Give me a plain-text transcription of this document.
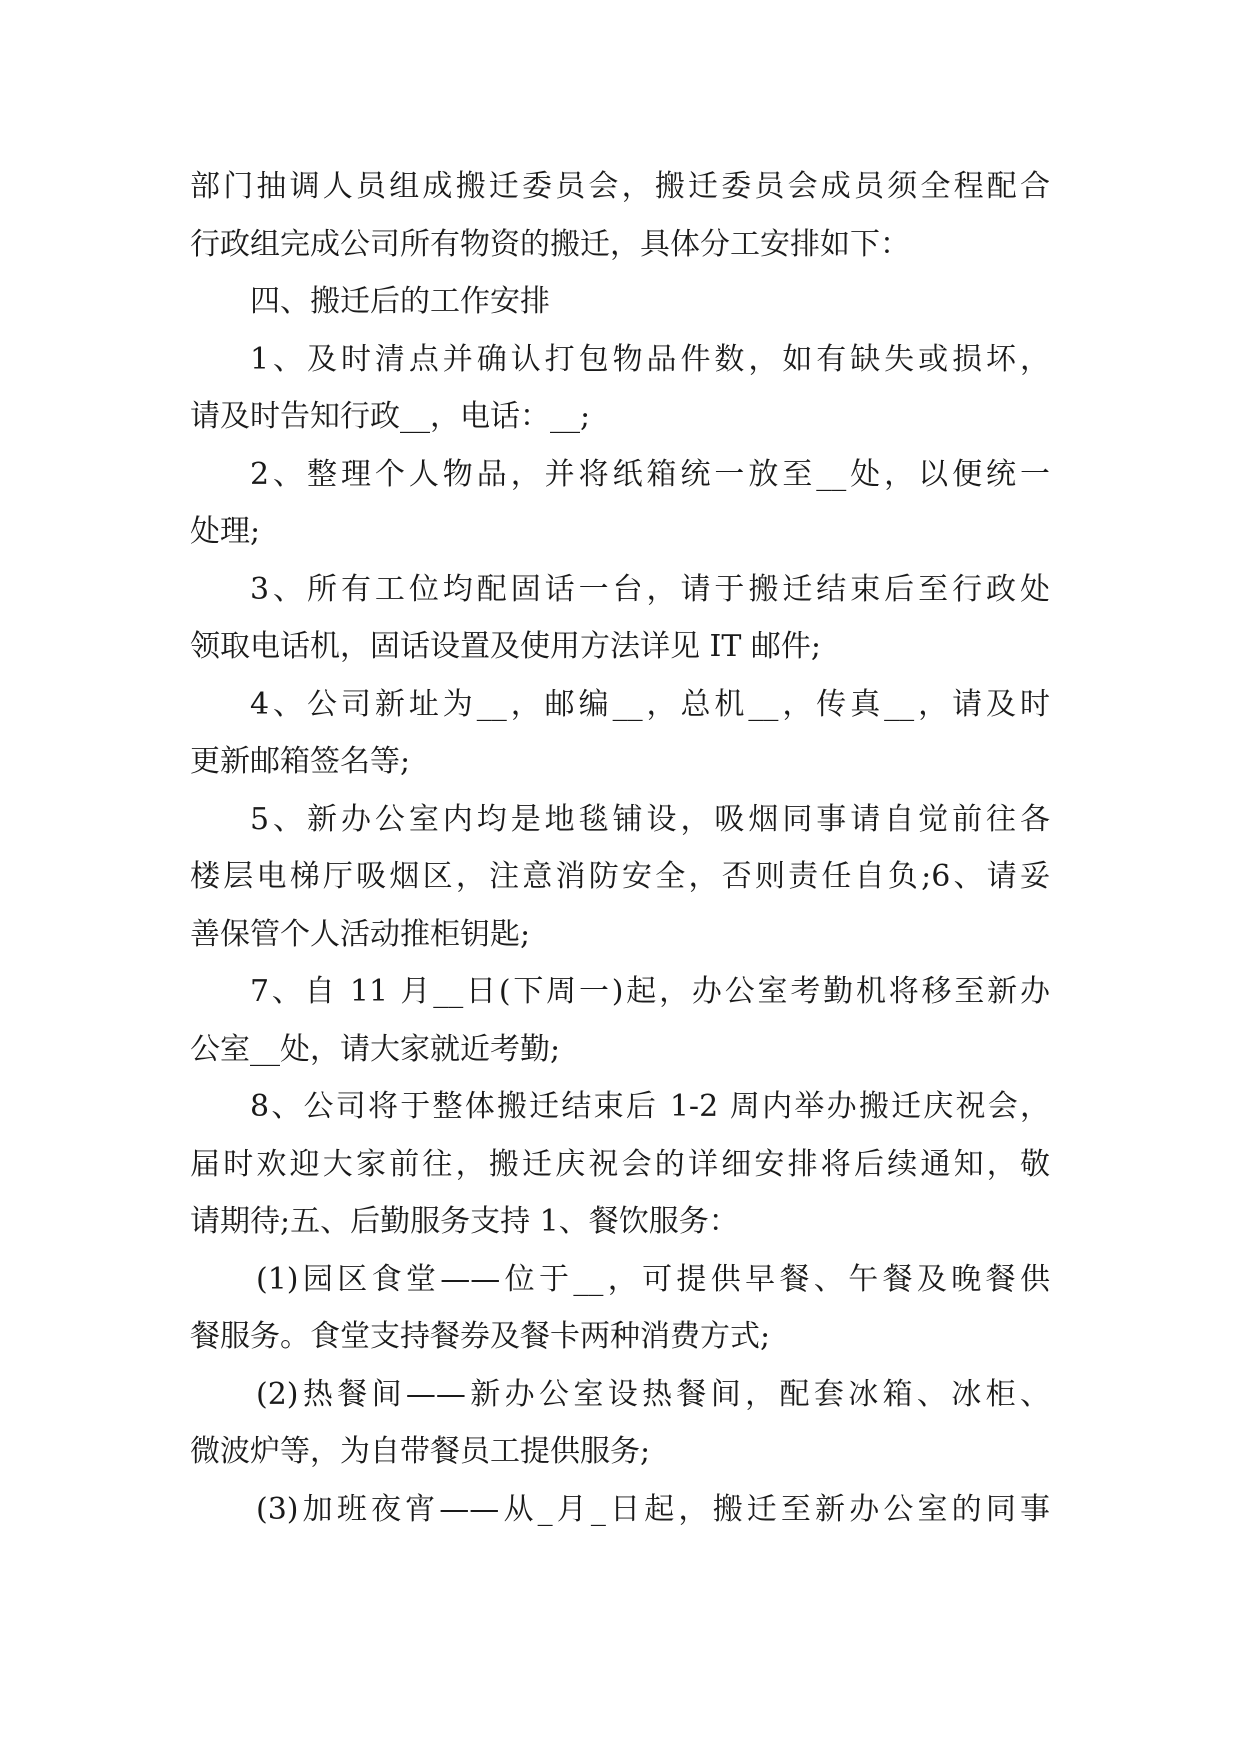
部门抽调人员组成搬迁委员会，搬迁委员会成员须全程配合
行政组完成公司所有物资的搬迁，具体分工安排如下：
四、搬迁后的工作安排
1、及时清点并确认打包物品件数，如有缺失或损坏，
请及时告知行政__，电话：__;
2、整理个人物品，并将纸箱统一放至__处，以便统一
处理;
3、所有工位均配固话一台，请于搬迁结束后至行政处
领取电话机，固话设置及使用方法详见 IT 邮件;
4、公司新址为__，邮编__，总机__，传真__，请及时
更新邮箱签名等;
5、新办公室内均是地毯铺设，吸烟同事请自觉前往各
楼层电梯厅吸烟区，注意消防安全，否则责任自负;6、请妥
善保管个人活动推柜钥匙;
7、自 11 月__日(下周一)起，办公室考勤机将移至新办
公室__处，请大家就近考勤;
8、公司将于整体搬迁结束后 1-2 周内举办搬迁庆祝会，
届时欢迎大家前往，搬迁庆祝会的详细安排将后续通知，敬
请期待;五、后勤服务支持 1、餐饮服务：
(1)园区食堂——位于__，可提供早餐、午餐及晚餐供
餐服务。食堂支持餐券及餐卡两种消费方式;
(2)热餐间——新办公室设热餐间，配套冰箱、冰柜、
微波炉等，为自带餐员工提供服务;
(3)加班夜宵——从_月_日起，搬迁至新办公室的同事
